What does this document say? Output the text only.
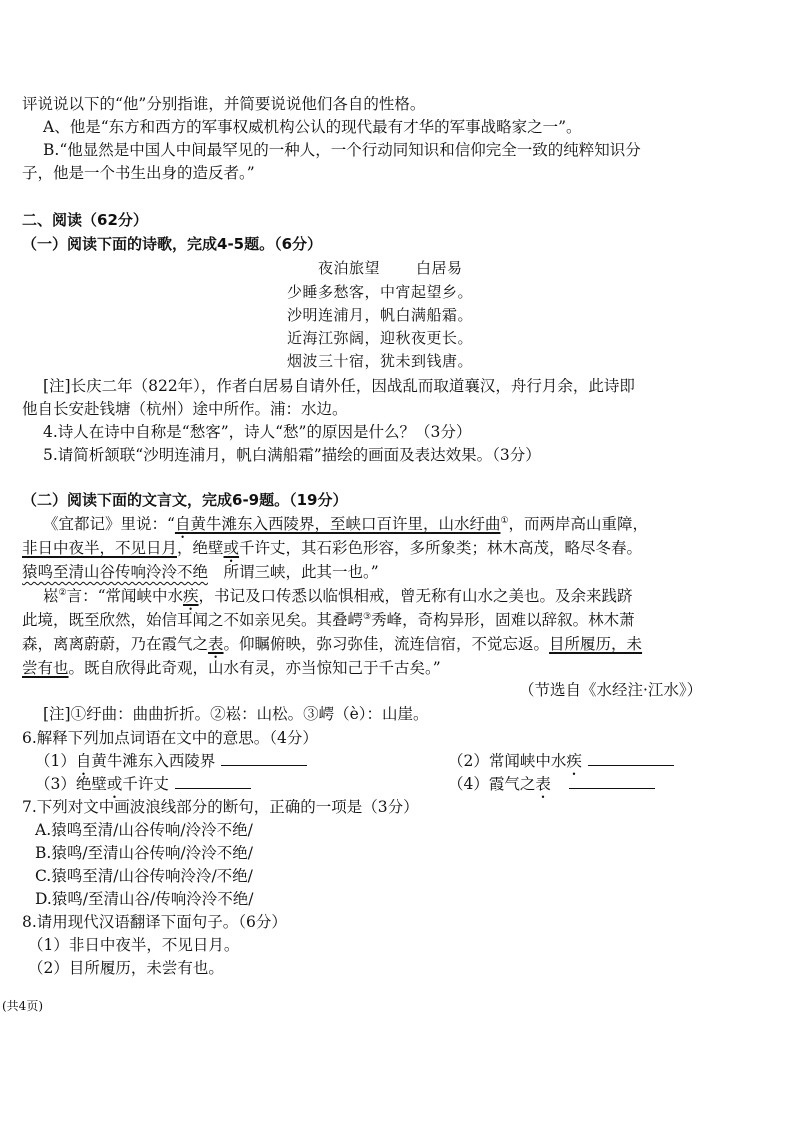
评说说以下的“他”分别指谁，并简要说说他们各自的性格。
A、他是“东方和西方的军事权威机构公认的现代最有才华的军事战略家之一”。
B.“他显然是中国人中间最罕见的一种人，一个行动同知识和信仰完全一致的纯粹知识分
子，他是一个书生出身的造反者。”
二、阅读（62分）
（一）阅读下面的诗歌，完成4-5题。（6分）
夜泊旅望 白居易
少睡多愁客，中宵起望乡。
沙明连浦月，帆白满船霜。
近海江弥阔，迎秋夜更长。
烟波三十宿，犹未到钱唐。
[注]长庆二年（822年），作者白居易自请外任，因战乱而取道襄汉，舟行月余，此诗即
他自长安赴钱塘（杭州）途中所作。浦：水边。
4.诗人在诗中自称是“愁客”，诗人“愁”的原因是什么？（3分）
5.请简析颔联“沙明连浦月，帆白满船霜”描绘的画面及表达效果。（3分）
（二）阅读下面的文言文，完成6-9题。（19分）
《宜都记》里说：“自黄牛滩东入西陵界，至峡口百许里，山水纡曲①，而两岸高山重障，
非日中夜半，不见日月，绝壁或千许丈，其石彩色形容，多所象类；林木高茂，略尽冬春。
猿鸣至清山谷传响泠泠不绝　所谓三峡，此其一也。”
崧②言：“常闻峡中水疾，书记及口传悉以临惧相戒，曾无称有山水之美也。及余来践跻
此境，既至欣然，始信耳闻之不如亲见矣。其叠崿③秀峰，奇构异形，固难以辞叙。林木萧
森，离离蔚蔚，乃在霞气之表。仰瞩俯映，弥习弥佳，流连信宿，不觉忘返。目所履历，未
尝有也。既自欣得此奇观，山水有灵，亦当惊知己于千古矣。”
（节选自《水经注·江水》）
[注]①纡曲：曲曲折折。②崧：山松。③崿（è）：山崖。
6.解释下列加点词语在文中的意思。（4分）
（1）自黄牛滩东入西陵界	（2）常闻峡中水疾
（3）绝壁或千许丈	（4）霞气之表
7.下列对文中画波浪线部分的断句，正确的一项是（3分）
A.猿鸣至清/山谷传响/泠泠不绝/
B.猿鸣/至清山谷传响/泠泠不绝/
C.猿鸣至清/山谷传响泠泠/不绝/
D.猿鸣/至清山谷/传响泠泠不绝/
8.请用现代汉语翻译下面句子。（6分）
（1）非日中夜半，不见日月。
（2）目所履历，未尝有也。
(共4页)
